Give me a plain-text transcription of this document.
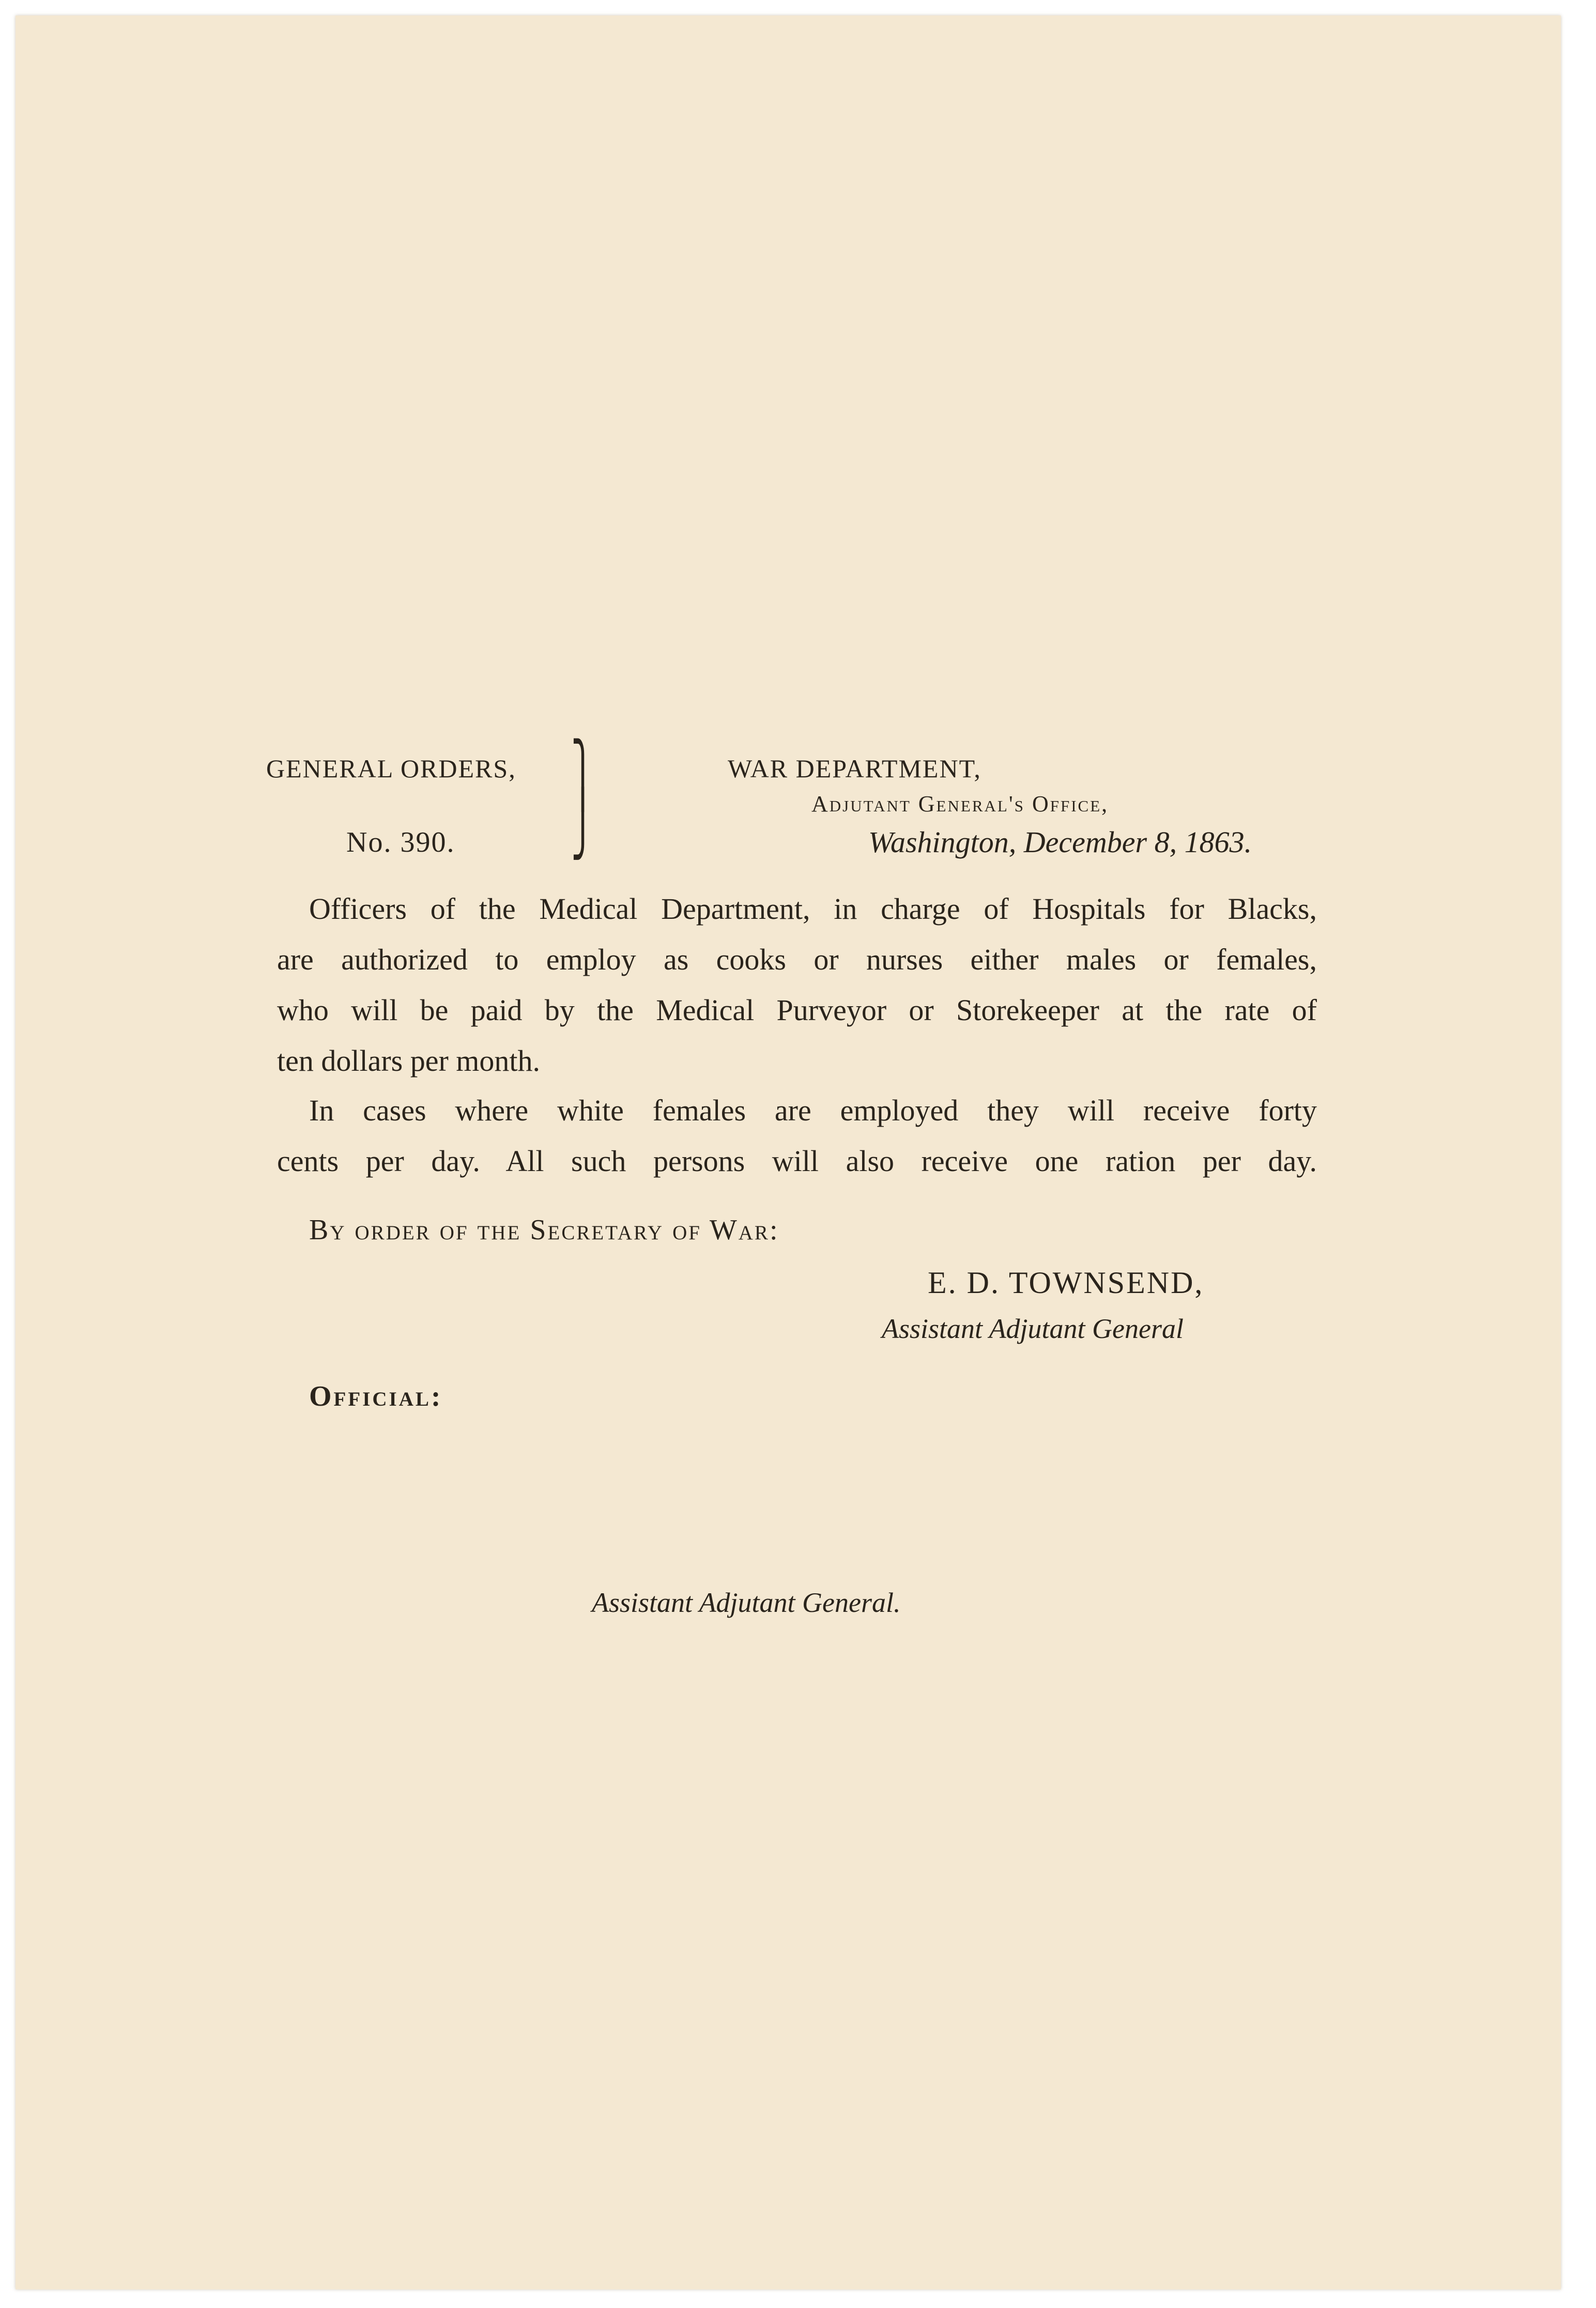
GENERAL ORDERS,
No. 390.
⎫
⎭
WAR DEPARTMENT,
Adjutant General's Office,
Washington, December 8, 1863.
Officers of the Medical Department, in charge of Hospitals for Blacks,
are authorized to employ as cooks or nurses either males or females,
who will be paid by the Medical Purveyor or Storekeeper at the rate of
ten dollars per month.
In cases where white females are employed they will receive forty
cents per day. All such persons will also receive one ration per day.
By order of the Secretary of War:
E. D. TOWNSEND,
Assistant Adjutant General
Official:
Assistant Adjutant General.
